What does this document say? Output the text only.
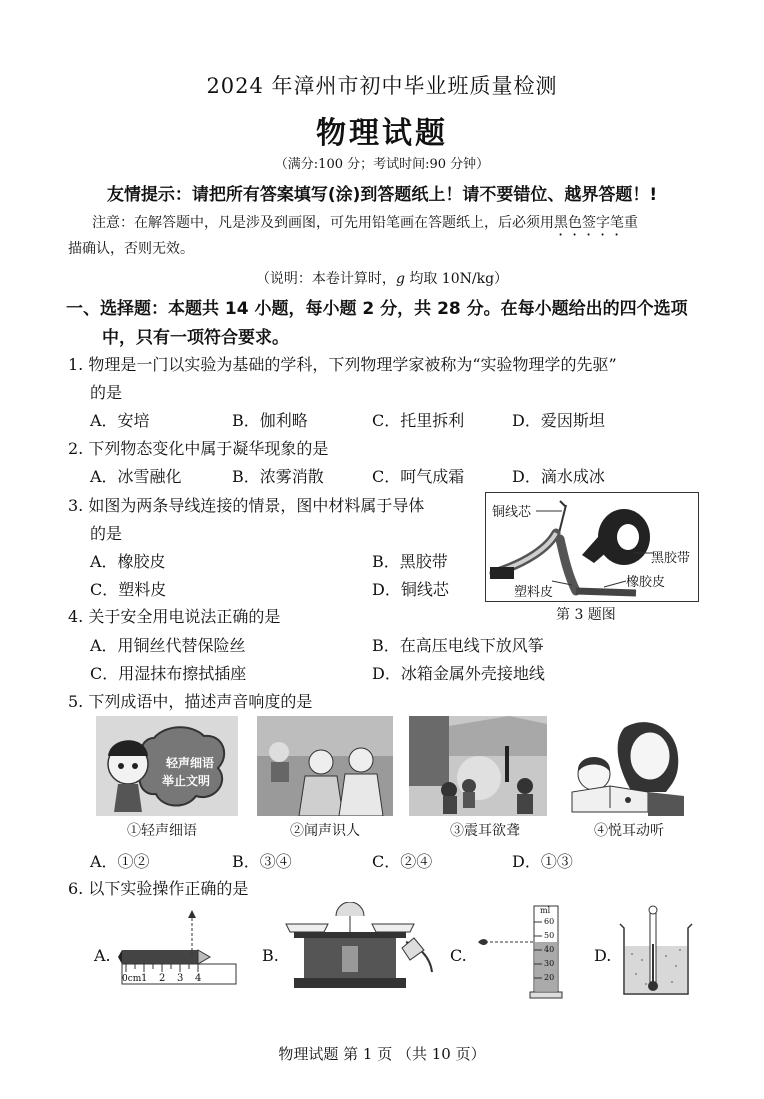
2024 年漳州市初中毕业班质量检测
物理试题
（满分:100 分；考试时间:90 分钟）
友情提示：请把所有答案填写(涂)到答题纸上！请不要错位、越界答题！!
注意：在解答题中，凡是涉及到画图，可先用铅笔画在答题纸上，后必须用黑色签字笔重
描确认，否则无效。
（说明：本卷计算时，g 均取 10N/kg）
一、选择题：本题共 14 小题，每小题 2 分，共 28 分。在每小题给出的四个选项
中，只有一项符合要求。
1. 物理是一门以实验为基础的学科，下列物理学家被称为“实验物理学的先驱”
的是
A．安培	B．伽利略	C．托里拆利	D．爱因斯坦
2. 下列物态变化中属于凝华现象的是
A．冰雪融化	B．浓雾消散	C．呵气成霜	D．滴水成冰
3. 如图为两条导线连接的情景，图中材料属于导体
的是
A．橡胶皮	B．黑胶带
C．塑料皮	D．铜线芯
铜线芯
黑胶带
塑料皮
橡胶皮
第 3 题图
4. 关于安全用电说法正确的是
A．用铜丝代替保险丝	B．在高压电线下放风筝
C．用湿抹布擦拭插座	D．冰箱金属外壳接地线
5. 下列成语中，描述声音响度的是
轻声细语
举止文明
①轻声细语	②闻声识人	③震耳欲聋	④悦耳动听
A．①②	B．③④	C．②④	D．①③
6. 以下实验操作正确的是
A.
0cm 1 2 3 4
B.	C.
ml
60
50
40
30
20
D.
物理试题 第 1 页 （共 10 页）
